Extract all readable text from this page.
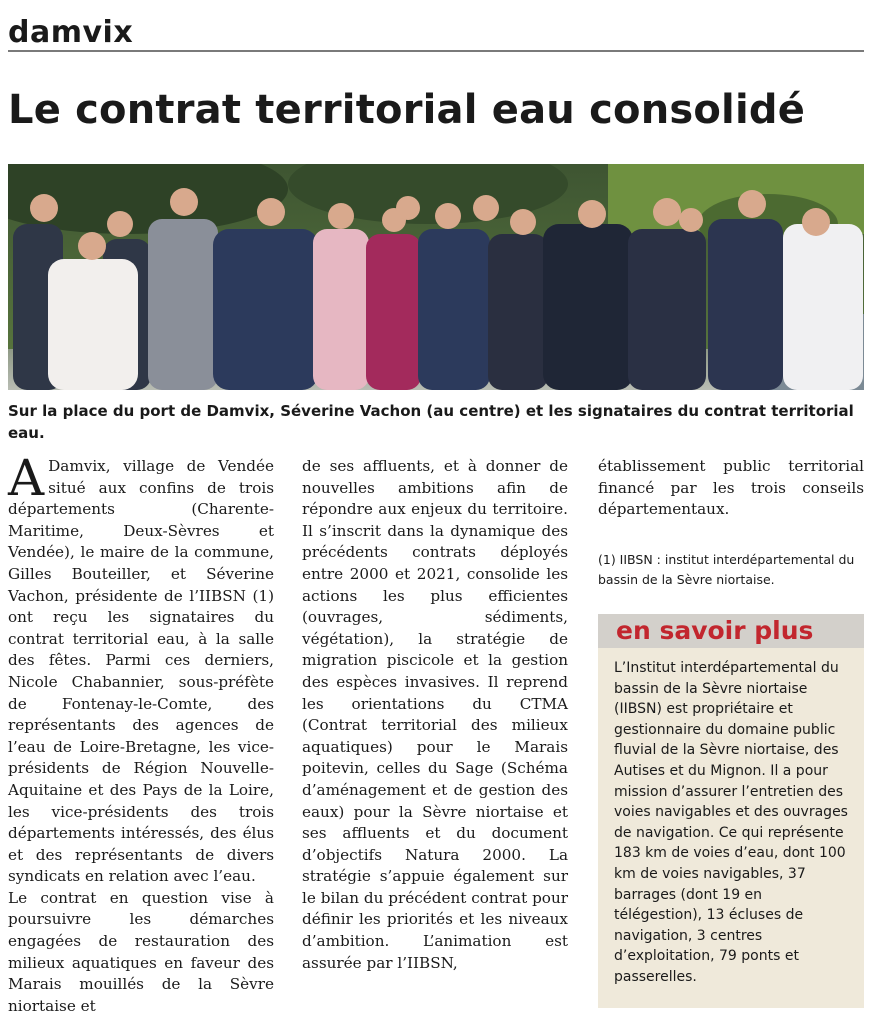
damvix
Le contrat territorial eau consolidé
Sur la place du port de Damvix, Séverine Vachon (au centre) et les signataires du contrat territorial eau.

A Damvix, village de Vendée situé aux confins de trois départements (Charente-Maritime, Deux-Sèvres et Vendée), le maire de la commune, Gilles Bouteiller, et Séverine Vachon, présidente de l’IIBSN (1) ont reçu les signataires du contrat territorial eau, à la salle des fêtes. Parmi ces derniers, Nicole Chabannier, sous-préfète de Fontenay-le-Comte, des représentants des agences de l’eau de Loire-Bretagne, les vice-présidents de Région Nouvelle-Aquitaine et des Pays de la Loire, les vice-présidents des trois départements intéressés, des élus et des représentants de divers syndicats en relation avec l’eau.

Le contrat en question vise à poursuivre les démarches engagées de restauration des milieux aquatiques en faveur des Marais mouillés de la Sèvre niortaise et

de ses affluents, et à donner de nouvelles ambitions afin de répondre aux enjeux du territoire. Il s’inscrit dans la dynamique des précédents contrats déployés entre 2000 et 2021, consolide les actions les plus efficientes (ouvrages, sédiments, végétation), la stratégie de migration piscicole et la gestion des espèces invasives. Il reprend les orientations du CTMA (Contrat territorial des milieux aquatiques) pour le Marais poitevin, celles du Sage (Schéma d’aménagement et de gestion des eaux) pour la Sèvre niortaise et ses affluents et du document d’objectifs Natura 2000. La stratégie s’appuie également sur le bilan du précédent contrat pour définir les priorités et les niveaux d’ambition. L’animation est assurée par l’IIBSN,

établissement public territorial financé par les trois conseils départementaux.

(1) IIBSN : institut interdépartemental du bassin de la Sèvre niortaise.
en savoir plus

L’Institut interdépartemental du bassin de la Sèvre niortaise (IIBSN) est propriétaire et gestionnaire du domaine public fluvial de la Sèvre niortaise, des Autises et du Mignon. Il a pour mission d’assurer l’entretien des voies navigables et des ouvrages de navigation. Ce qui représente 183 km de voies d’eau, dont 100 km de voies navigables, 37 barrages (dont 19 en télégestion), 13 écluses de navigation, 3 centres d’exploitation, 79 ponts et passerelles.
